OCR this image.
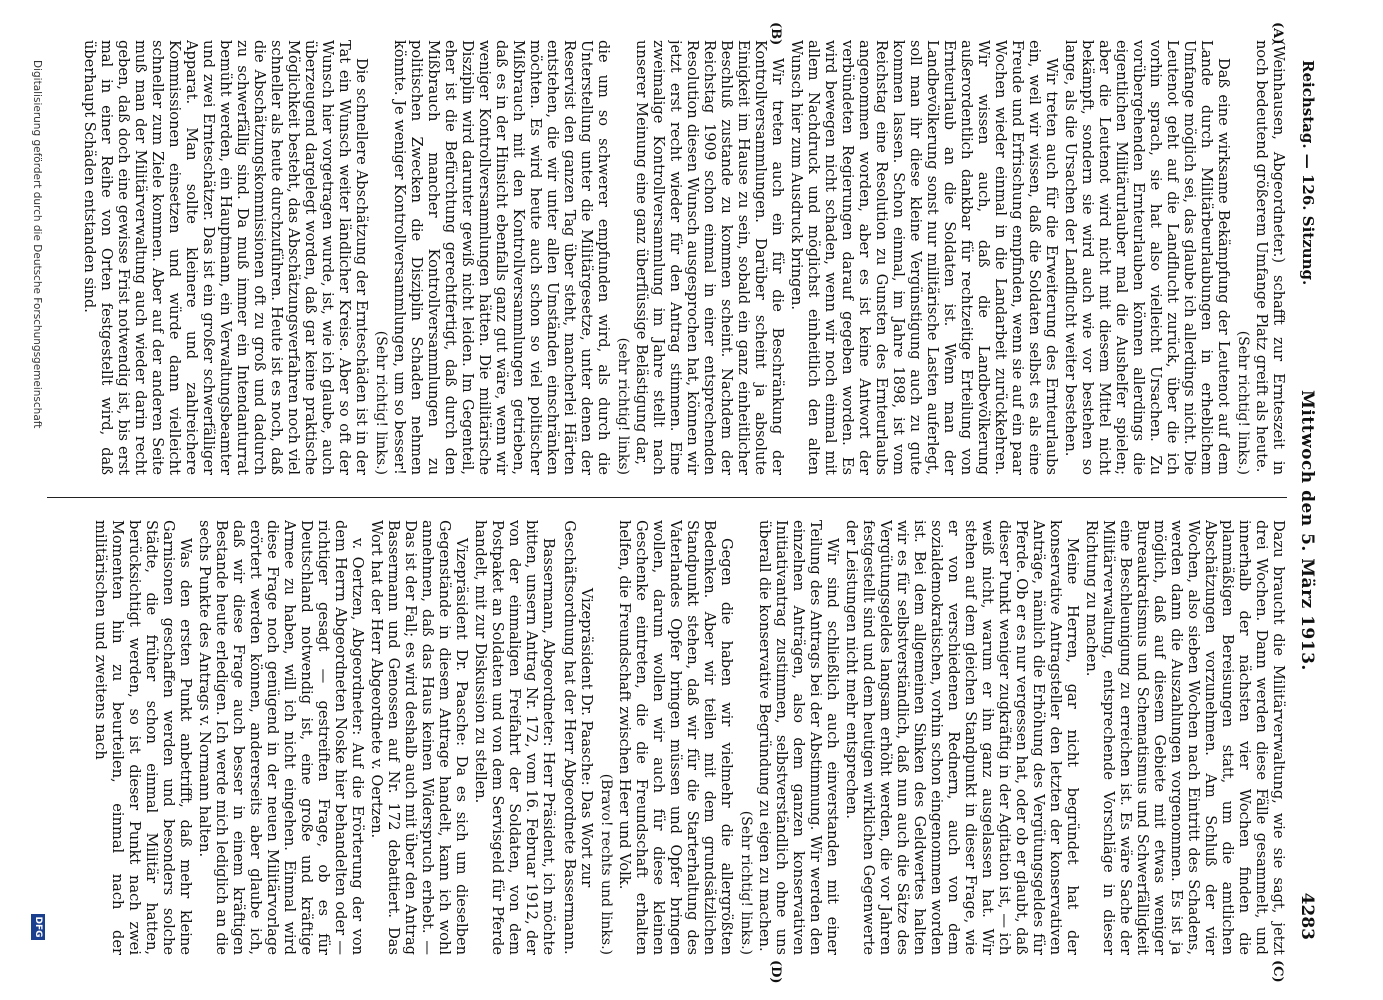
Reichstag. — 126. Sitzung.
Mittwoch den 5. März 1913.
4283
(A)
(B)
(C)
(D)

(Weinhausen, Abgeordneter.) schafft zur Ernteszeit in noch bedeutend größerem Umfange Platz greift als heute.

(Sehr richtig! links.)

Daß eine wirksame Bekämpfung der Leutenot auf dem Lande durch Militärbeurlaubungen in erheblichem Umfange möglich sei, das glaube ich allerdings nicht. Die Leutenot geht auf die Landflucht zurück, über die ich vorhin sprach, sie hat also vielleicht Ursachen. Zu vorübergehenden Ernteurlauben können allerdings die eigentlichen Militärurlauber mal die Aushelfer spielen; aber die Leutenot wird nicht mit diesem Mittel nicht bekämpft, sondern sie wird auch wie vor bestehen so lange, als die Ursachen der Landflucht weiter bestehen.

Wir treten auch für die Erweiterung des Ernteurlaubs ein, weil wir wissen, daß die Soldaten selbst es als eine Freude und Erfrischung empfinden, wenn sie auf ein paar Wochen wieder einmal in die Landarbeit zurückkehren. Wir wissen auch, daß die Landbevölkerung außerordentlich dankbar für rechtzeitige Erteilung von Ernteurlaub an die Soldaten ist. Wenn man der Landbevölkerung sonst nur militärische Lasten auferlegt, soll man ihr diese kleine Vergünstigung auch zu gute kommen lassen. Schon einmal, im Jahre 1898, ist vom Reichstag eine Resolution zu Gunsten des Ernteurlaubs angenommen worden, aber es ist keine Antwort der verbündeten Regierungen darauf gegeben worden. Es wird bewegen nicht schaden, wenn wir noch einmal mit allem Nachdruck und möglichst einheitlich den alten Wunsch hier zum Ausdruck bringen.

Wir treten auch ein für die Beschränkung der Kontrollversammlungen. Darüber scheint ja absolute Einigkeit im Hause zu sein, sobald ein ganz einheitlicher Beschluß zustande zu kommen scheint. Nachdem der Reichstag 1909 schon einmal in einer entsprechenden Resolution diesen Wunsch ausgesprochen hat, können wir jetzt erst recht wieder für den Antrag stimmen. Eine zweimalige Kontrollversammlung im Jahre stellt nach unserer Meinung eine ganz überflüssige Belästigung dar,

(sehr richtig! links)

die um so schwerer empfunden wird, als durch die Unterstellung unter die Militärgesetze, unter denen der Reservist den ganzen Tag über steht, mancherlei Härten entstehen, die wir unter allen Umständen einschränken möchten. Es wird heute auch schon so viel politischer Mißbrauch mit den Kontrollversammlungen getrieben, daß es in der Hinsicht ebenfalls ganz gut wäre, wenn wir weniger Kontrollversammlungen hätten. Die militärische Disziplin wird darunter gewiß nicht leiden. Im Gegenteil, eher ist die Befürchtung gerechtfertigt, daß durch den Mißbrauch mancher Kontrollversammlungen zu politischen Zwecken die Disziplin Schaden nehmen könnte. Je weniger Kontrollversammlungen, um so besser!

(Sehr richtig! links.)

Die schnellere Abschätzung der Ernteschäden ist in der Tat ein Wunsch weiter ländlicher Kreise. Aber so oft der Wunsch hier vorgetragen wurde, ist, wie ich glaube, auch überzeugend dargelegt worden, daß gar keine praktische Möglichkeit besteht, das Abschätzungsverfahren noch viel schneller als heute durchzuführen. Heute ist es noch, daß die Abschätzungskommissionen oft zu groß und dadurch zu schwerfällig sind. Da muß immer ein Intendanturrat bemüht werden, ein Hauptmann, ein Verwaltungsbeamter und zwei Ernteschätzer. Das ist ein großer schwerfälliger Apparat. Man sollte kleinere und zahlreichere Kommissionen einsetzen und würde dann vielleicht schneller zum Ziele kommen. Aber auf der anderen Seite muß man der Militärverwaltung auch wieder darin recht geben, daß doch eine gewisse Frist notwendig ist, bis erst mal in einer Reihe von Orten festgestellt wird, daß überhaupt Schäden entstanden sind.

Dazu braucht die Militärverwaltung, wie sie sagt, jetzt drei Wochen. Dann werden diese Fälle gesammelt, und innerhalb der nächsten vier Wochen finden die planmäßigen Bereisungen statt, um die amtlichen Abschätzungen vorzunehmen. Am Schluß der vier Wochen, also sieben Wochen nach Eintritt des Schadens, werden dann die Auszahlungen vorgenommen. Es ist ja möglich, daß auf diesem Gebiete mit etwas weniger Bureaukratismus und Schematismus und Schwerfälligkeit eine Beschleunigung zu erreichen ist. Es wäre Sache der Militärverwaltung, entsprechende Vorschläge in dieser Richtung zu machen.

Meine Herren, gar nicht begründet hat der konservative Antragsteller den letzten der konservativen Anträge, nämlich die Erhöhung des Vergütungsgeldes für Pferde. Ob er es nur vergessen hat, oder ob er glaubt, daß dieser Punkt weniger zugkräftig in der Agitation ist, — ich weiß nicht, warum er ihn ganz ausgelassen hat. Wir stehen auf dem gleichen Standpunkt in dieser Frage, wie er von verschiedenen Rednern, auch von dem sozialdemokratischen, vorhin schon eingenommen worden ist. Bei dem allgemeinen Sinken des Geldwertes halten wir es für selbstverständlich, daß nun auch die Sätze des Vergütungsgeldes langsam erhöht werden, die vor Jahren festgestellt sind und dem heutigen wirklichen Gegenwerte der Leistungen nicht mehr entsprechen.

Wir sind schließlich auch einverstanden mit einer Teilung des Antrags bei der Abstimmung. Wir werden den einzelnen Anträgen, also dem ganzen konservativen Initiativantrag zustimmen, selbstverständlich ohne uns überall die konservative Begründung zu eigen zu machen.

(Sehr richtig! links.)

Gegen die haben wir vielmehr die allergrößten Bedenken. Aber wir teilen mit dem grundsätzlichen Standpunkt stehen, daß wir für die Starterhaltung des Vaterlandes Opfer bringen müssen und Opfer bringen wollen, darum wollen wir auch für diese kleinen Geschenke eintreten, die die Freundschaft erhalten helfen, die Freundschaft zwischen Heer und Volk.

(Bravo! rechts und links.)

Vizepräsident Dr. Paasche: Das Wort zur Geschäftsordnung hat der Herr Abgeordnete Bassermann.

Bassermann, Abgeordneter: Herr Präsident, ich möchte bitten, unsern Antrag Nr. 172, vom 16. Februar 1912, der von der einmaligen Freifahrt der Soldaten, von dem Postpaket an Soldaten und von dem Servisgeld für Pferde handelt, mit zur Diskussion zu stellen.

Vizepräsident Dr. Paasche: Da es sich um dieselben Gegenstände in diesem Antrage handelt, kann ich wohl annehmen, daß das Haus keinen Widerspruch erhebt. — Das ist der Fall; es wird deshalb auch mit über den Antrag Bassermann und Genossen auf Nr. 172 debattiert. Das Wort hat der Herr Abgeordnete v. Oertzen.

v. Oertzen, Abgeordneter: Auf die Erörterung der von dem Herrn Abgeordneten Noske hier behandelten oder — richtiger gesagt — gestreiften Frage, ob es für Deutschland notwendig ist, eine große und kräftige Armee zu haben, will ich nicht eingehen. Einmal wird diese Frage noch genügend in der neuen Militärvorlage erörtert werden können, andererseits aber glaube ich, daß wir diese Frage auch besser in einem kräftigen Bestande heute erledigen. Ich werde mich lediglich an die sechs Punkte des Antrags v. Normann halten.

Was den ersten Punkt anbetrifft, daß mehr kleine Garnisonen geschaffen werden und besonders solche Städte, die früher schon einmal Militär hatten, berücksichtigt werden, so ist dieser Punkt nach zwei Momenten hin zu beurteilen, einmal nach der militärischen und zweitens nach

Digitalisierung gefördert durch die Deutsche Forschungsgemeinschaft
DFG
